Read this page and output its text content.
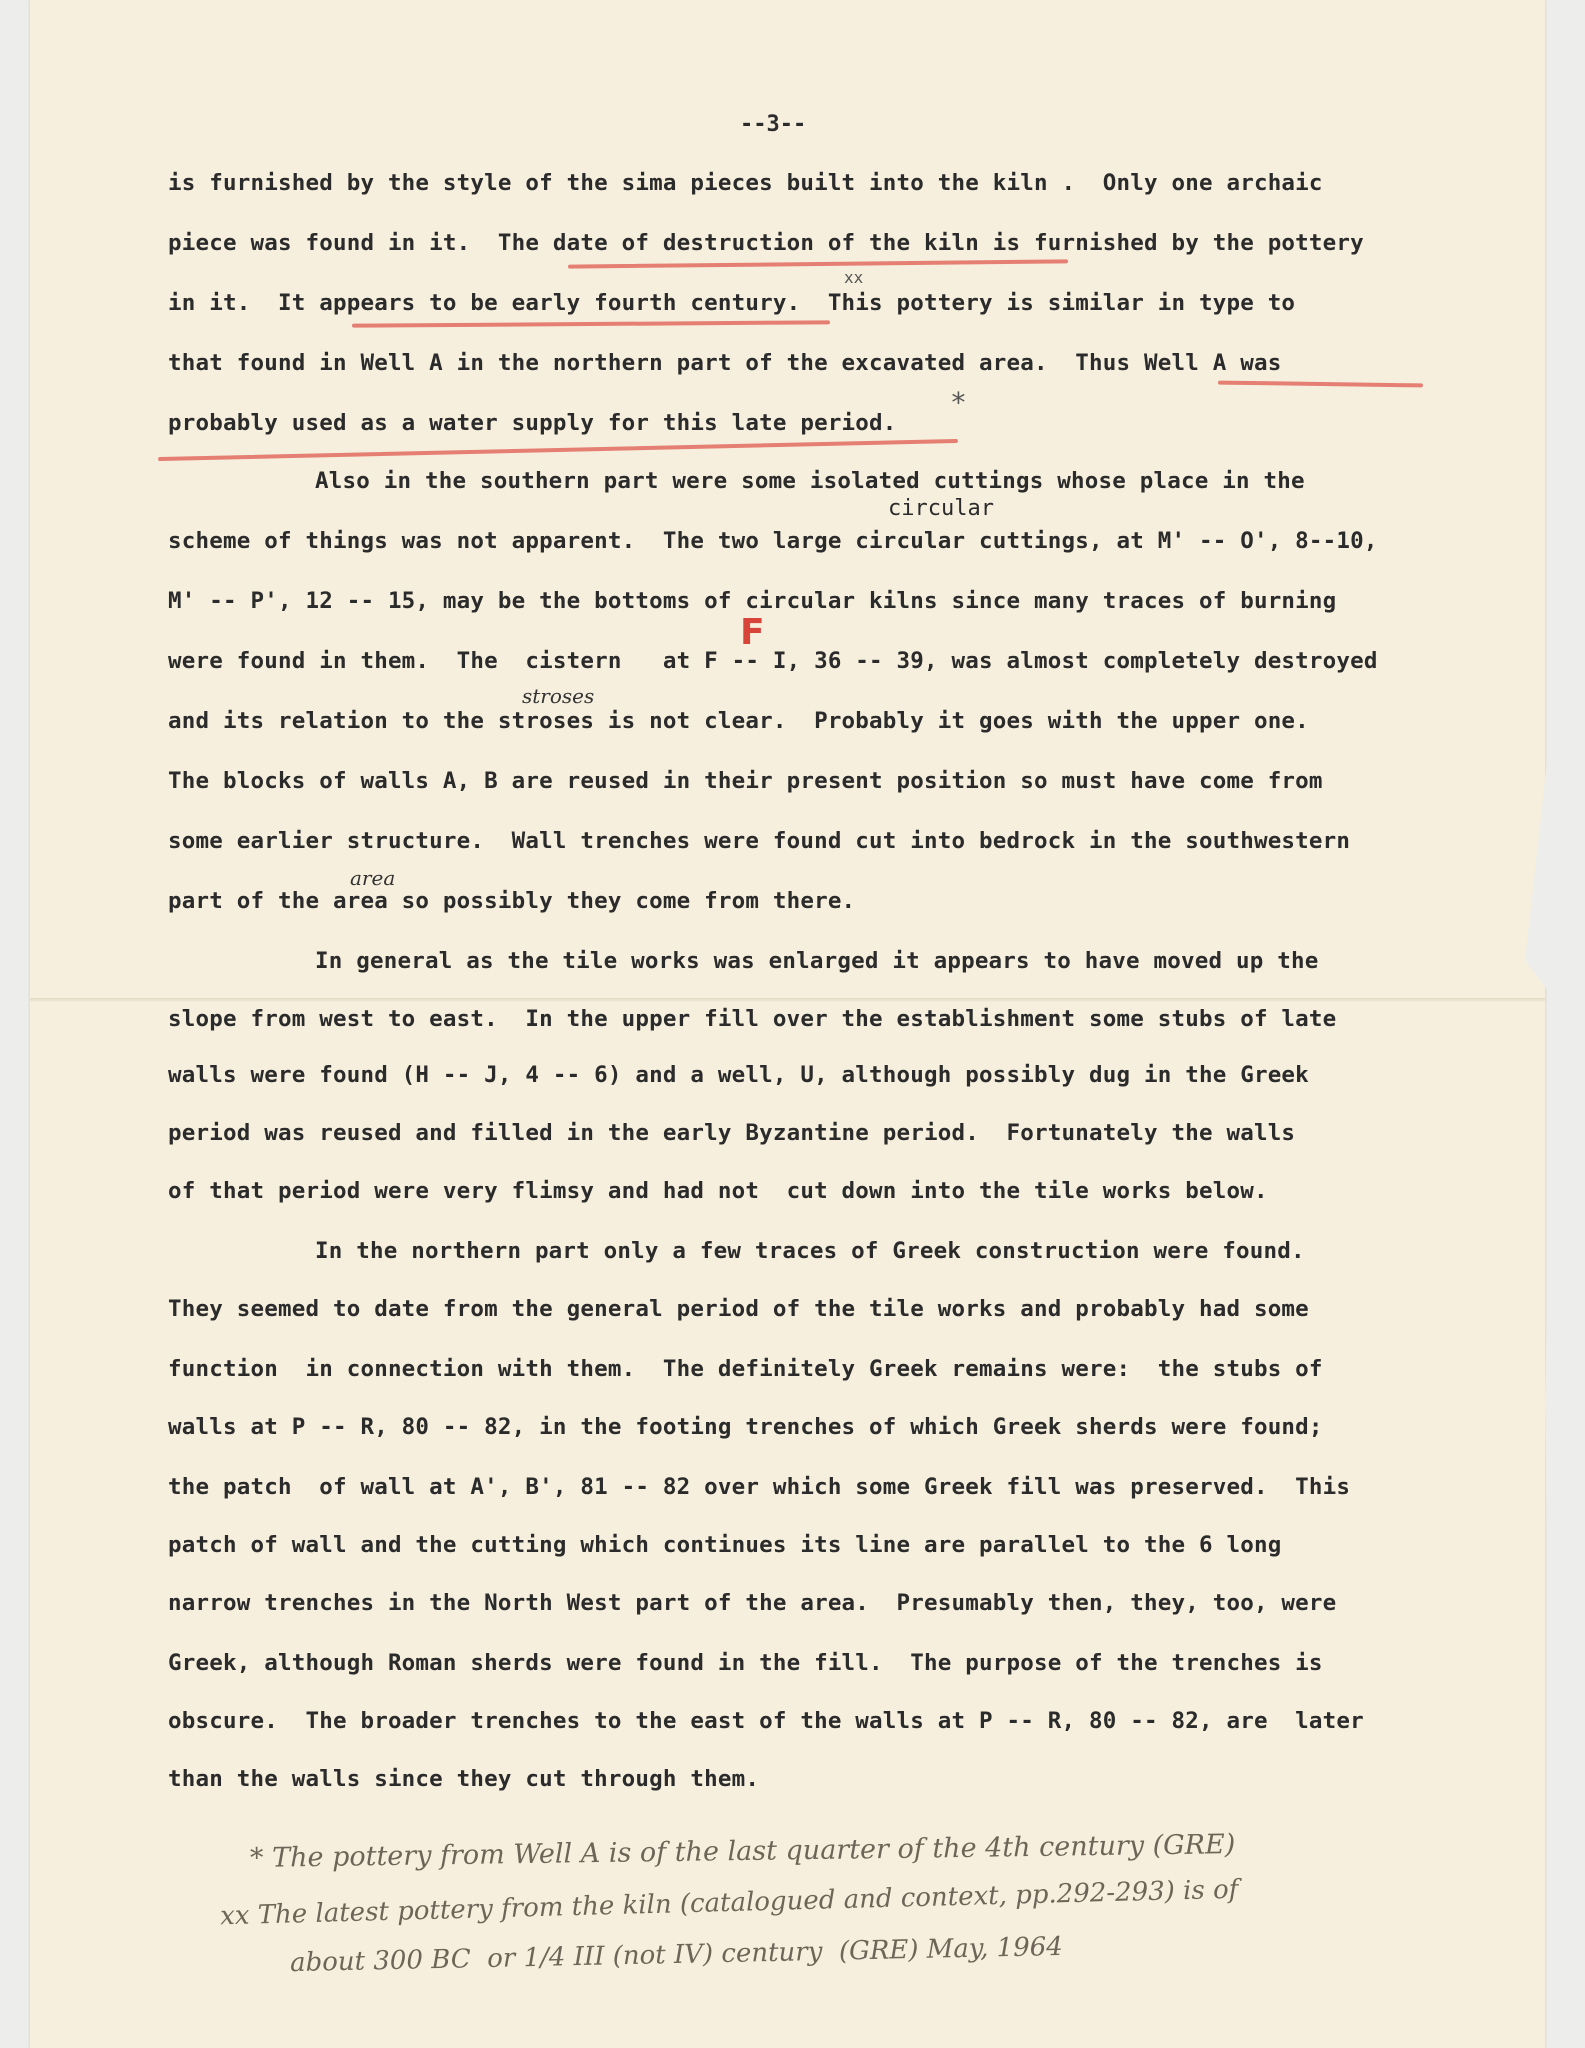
--3--
is furnished by the style of the sima pieces built into the kiln .  Only one archaic
piece was found in it.  The date of destruction of the kiln is furnished by the pottery
in it.  It appears to be early fourth century.  This pottery is similar in type to
that found in Well A in the northern part of the excavated area.  Thus Well A was
probably used as a water supply for this late period.
xx
*
circular
Also in the southern part were some isolated cuttings whose place in the
scheme of things was not apparent.  The two large circular cuttings, at M' -- O', 8--10,
M' -- P', 12 -- 15, may be the bottoms of circular kilns since many traces of burning
F
were found in them.  The  cistern   at F -- I, 36 -- 39, was almost completely destroyed
stroses
and its relation to the stroses is not clear.  Probably it goes with the upper one.
The blocks of walls A, B are reused in their present position so must have come from
some earlier structure.  Wall trenches were found cut into bedrock in the southwestern
area
part of the area so possibly they come from there.
In general as the tile works was enlarged it appears to have moved up the
slope from west to east.  In the upper fill over the establishment some stubs of late
walls were found (H -- J, 4 -- 6) and a well, U, although possibly dug in the Greek
period was reused and filled in the early Byzantine period.  Fortunately the walls
of that period were very flimsy and had not  cut down into the tile works below.
In the northern part only a few traces of Greek construction were found.
They seemed to date from the general period of the tile works and probably had some
function  in connection with them.  The definitely Greek remains were:  the stubs of
walls at P -- R, 80 -- 82, in the footing trenches of which Greek sherds were found;
the patch  of wall at A', B', 81 -- 82 over which some Greek fill was preserved.  This
patch of wall and the cutting which continues its line are parallel to the 6 long
narrow trenches in the North West part of the area.  Presumably then, they, too, were
Greek, although Roman sherds were found in the fill.  The purpose of the trenches is
obscure.  The broader trenches to the east of the walls at P -- R, 80 -- 82, are  later
than the walls since they cut through them.
* The pottery from Well A is of the last quarter of the 4th century (GRE)
xx The latest pottery from the kiln (catalogued and context, pp.292-293) is of
about 300 BC  or 1/4 III (not IV) century  (GRE) May, 1964
